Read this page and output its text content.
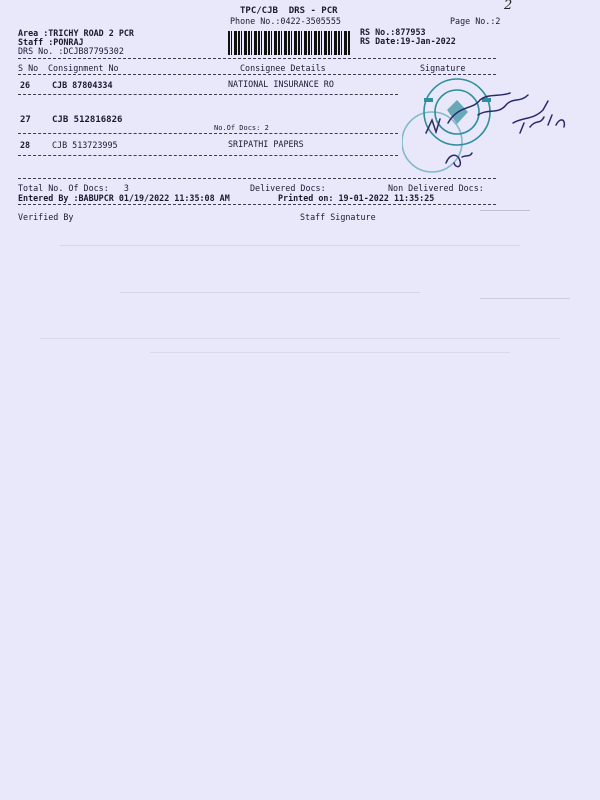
2
TPC/CJB  DRS - PCR
Phone No.:0422-3505555	Page No.:2
Area :TRICHY ROAD 2 PCR
Staff :PONRAJ
DRS No. :DCJB87795302
RS No.:877953
RS Date:19-Jan-2022
S No Consignment No	Consignee Details	Signature
26	CJB 87804334	NATIONAL INSURANCE RO
27 CJB 512816826
No.Of Docs: 2
28	CJB 513723995	SRIPATHI PAPERS
Total No. Of Docs:   3	Delivered Docs:	Non Delivered Docs:
Entered By :BABUPCR 01/19/2022 11:35:08 AM	Printed on: 19-01-2022 11:35:25
Verified By	Staff Signature
